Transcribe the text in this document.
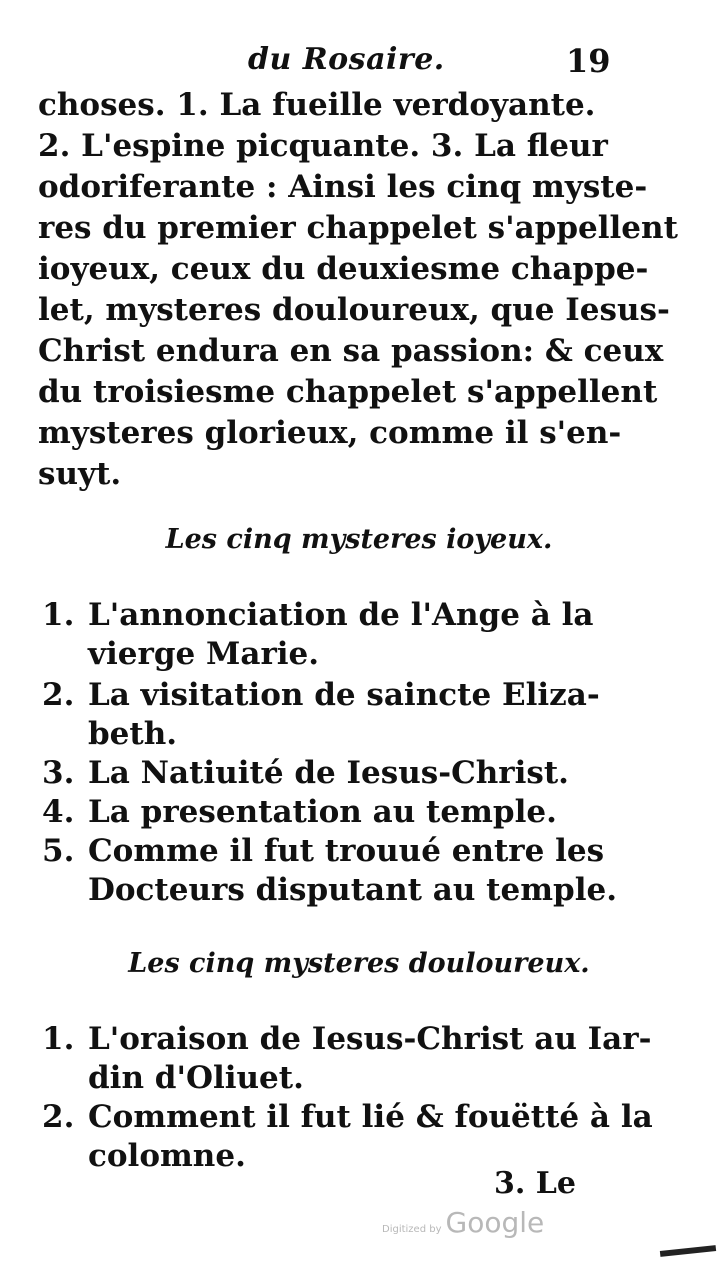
du Rosaire.	19
choses. 1. La fueille verdoyante.
2. L'espine picquante. 3. La fleur
odoriferante : Ainsi les cinq myste-
res du premier chappelet s'appellent
ioyeux, ceux du deuxiesme chappe-
let, mysteres douloureux, que Iesus-
Christ endura en sa passion: & ceux
du troisiesme chappelet s'appellent
mysteres glorieux, comme il s'en-
suyt.
Les cinq mysteres ioyeux.
1. L'annonciation de l'Ange à la
vierge Marie.
2. La visitation de saincte Eliza-
beth.
3. La Natiuité de Iesus-Christ.
4. La presentation au temple.
5. Comme il fut trouué entre les
Docteurs disputant au temple.
Les cinq mysteres douloureux.
1. L'oraison de Iesus-Christ au Iar-
din d'Oliuet.
2. Comment il fut lié & fouëtté à la
colomne.
3. Le
Digitized by Google
